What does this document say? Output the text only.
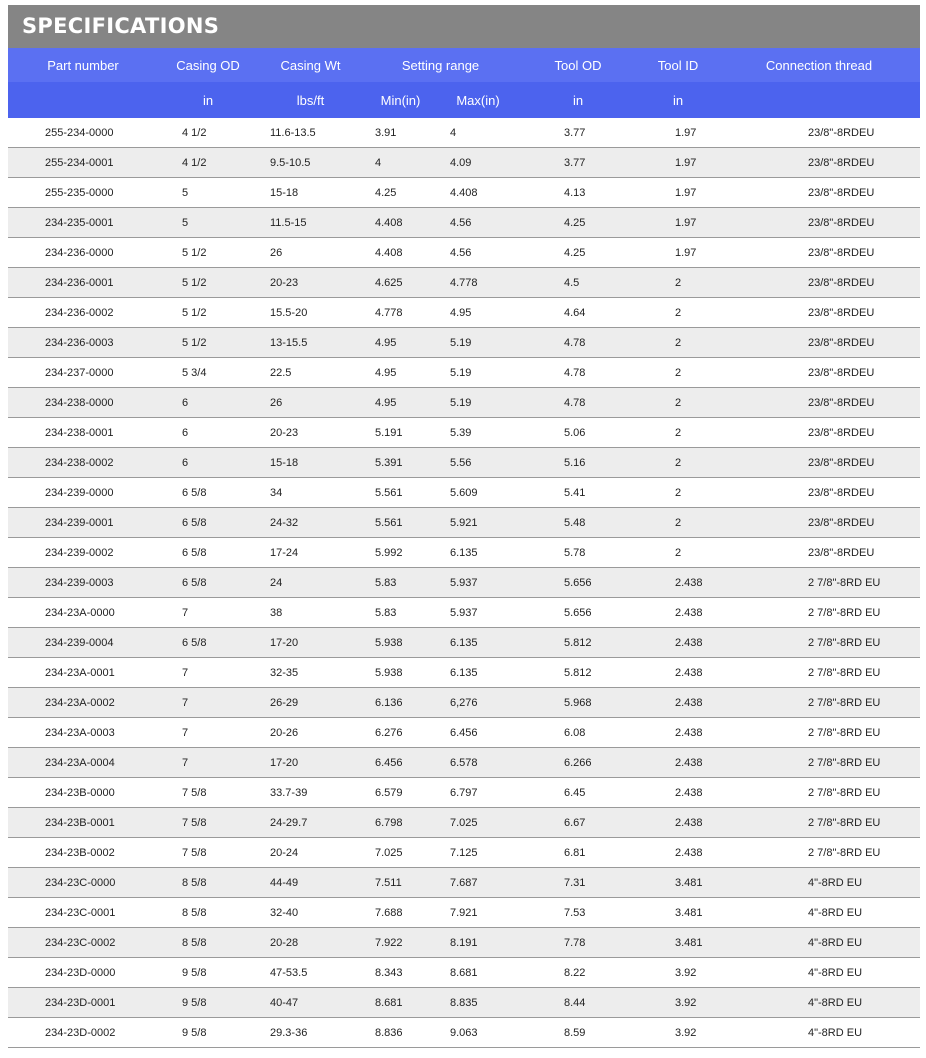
SPECIFICATIONS
Part number	Casing OD	Casing Wt	Setting range		Tool OD	Tool ID	Connection thread
	in	lbs/ft	Min(in)	Max(in)	in	in	
255-234-0000	4 1/2	11.6-13.5	3.91	4	3.77	1.97	23/8"-8RDEU
255-234-0001	4 1/2	9.5-10.5	4	4.09	3.77	1.97	23/8"-8RDEU
255-235-0000	5	15-18	4.25	4.408	4.13	1.97	23/8"-8RDEU
234-235-0001	5	11.5-15	4.408	4.56	4.25	1.97	23/8"-8RDEU
234-236-0000	5 1/2	26	4.408	4.56	4.25	1.97	23/8"-8RDEU
234-236-0001	5 1/2	20-23	4.625	4.778	4.5	2	23/8"-8RDEU
234-236-0002	5 1/2	15.5-20	4.778	4.95	4.64	2	23/8"-8RDEU
234-236-0003	5 1/2	13-15.5	4.95	5.19	4.78	2	23/8"-8RDEU
234-237-0000	5 3/4	22.5	4.95	5.19	4.78	2	23/8"-8RDEU
234-238-0000	6	26	4.95	5.19	4.78	2	23/8"-8RDEU
234-238-0001	6	20-23	5.191	5.39	5.06	2	23/8"-8RDEU
234-238-0002	6	15-18	5.391	5.56	5.16	2	23/8"-8RDEU
234-239-0000	6 5/8	34	5.561	5.609	5.41	2	23/8"-8RDEU
234-239-0001	6 5/8	24-32	5.561	5.921	5.48	2	23/8"-8RDEU
234-239-0002	6 5/8	17-24	5.992	6.135	5.78	2	23/8"-8RDEU
234-239-0003	6 5/8	24	5.83	5.937	5.656	2.438	2 7/8"-8RD EU
234-23A-0000	7	38	5.83	5.937	5.656	2.438	2 7/8"-8RD EU
234-239-0004	6 5/8	17-20	5.938	6.135	5.812	2.438	2 7/8"-8RD EU
234-23A-0001	7	32-35	5.938	6.135	5.812	2.438	2 7/8"-8RD EU
234-23A-0002	7	26-29	6.136	6,276	5.968	2.438	2 7/8"-8RD EU
234-23A-0003	7	20-26	6.276	6.456	6.08	2.438	2 7/8"-8RD EU
234-23A-0004	7	17-20	6.456	6.578	6.266	2.438	2 7/8"-8RD EU
234-23B-0000	7 5/8	33.7-39	6.579	6.797	6.45	2.438	2 7/8"-8RD EU
234-23B-0001	7 5/8	24-29.7	6.798	7.025	6.67	2.438	2 7/8"-8RD EU
234-23B-0002	7 5/8	20-24	7.025	7.125	6.81	2.438	2 7/8"-8RD EU
234-23C-0000	8 5/8	44-49	7.511	7.687	7.31	3.481	4"-8RD EU
234-23C-0001	8 5/8	32-40	7.688	7.921	7.53	3.481	4"-8RD EU
234-23C-0002	8 5/8	20-28	7.922	8.191	7.78	3.481	4"-8RD EU
234-23D-0000	9 5/8	47-53.5	8.343	8.681	8.22	3.92	4"-8RD EU
234-23D-0001	9 5/8	40-47	8.681	8.835	8.44	3.92	4"-8RD EU
234-23D-0002	9 5/8	29.3-36	8.836	9.063	8.59	3.92	4"-8RD EU
